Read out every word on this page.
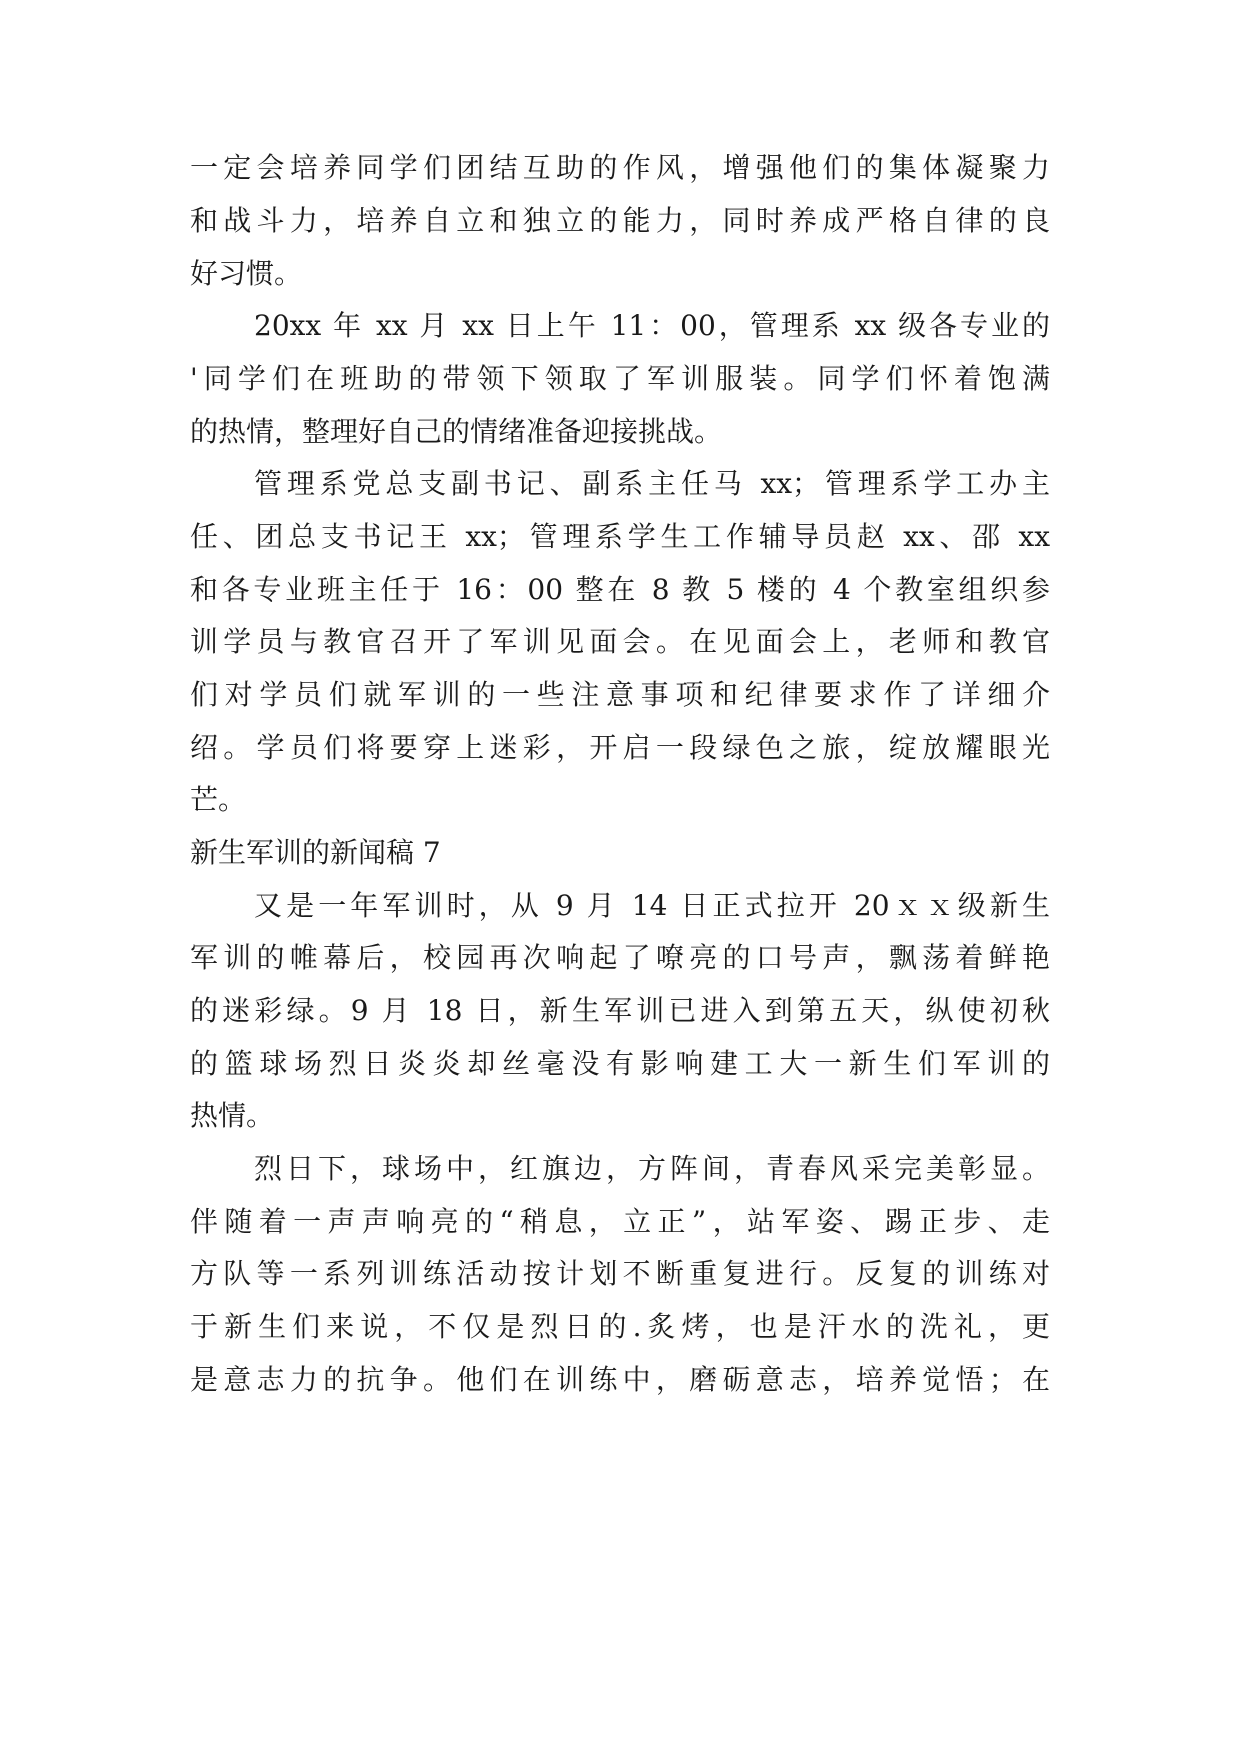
一定会培养同学们团结互助的作风，增强他们的集体凝聚力
和战斗力，培养自立和独立的能力，同时养成严格自律的良
好习惯。
20xx 年 xx 月 xx 日上午 11：00，管理系 xx 级各专业的
'同学们在班助的带领下领取了军训服装。同学们怀着饱满
的热情，整理好自己的情绪准备迎接挑战。
管理系党总支副书记、副系主任马 xx；管理系学工办主
任、团总支书记王 xx；管理系学生工作辅导员赵 xx、邵 xx
和各专业班主任于 16：00 整在 8 教 5 楼的 4 个教室组织参
训学员与教官召开了军训见面会。在见面会上，老师和教官
们对学员们就军训的一些注意事项和纪律要求作了详细介
绍。学员们将要穿上迷彩，开启一段绿色之旅，绽放耀眼光
芒。
新生军训的新闻稿 7
又是一年军训时，从 9 月 14 日正式拉开 20ｘｘ级新生
军训的帷幕后，校园再次响起了嘹亮的口号声，飘荡着鲜艳
的迷彩绿。9 月 18 日，新生军训已进入到第五天，纵使初秋
的篮球场烈日炎炎却丝毫没有影响建工大一新生们军训的
热情。
烈日下，球场中，红旗边，方阵间，青春风采完美彰显。
伴随着一声声响亮的“稍息，立正”，站军姿、踢正步、走
方队等一系列训练活动按计划不断重复进行。反复的训练对
于新生们来说，不仅是烈日的.炙烤，也是汗水的洗礼，更
是意志力的抗争。他们在训练中，磨砺意志，培养觉悟；在
